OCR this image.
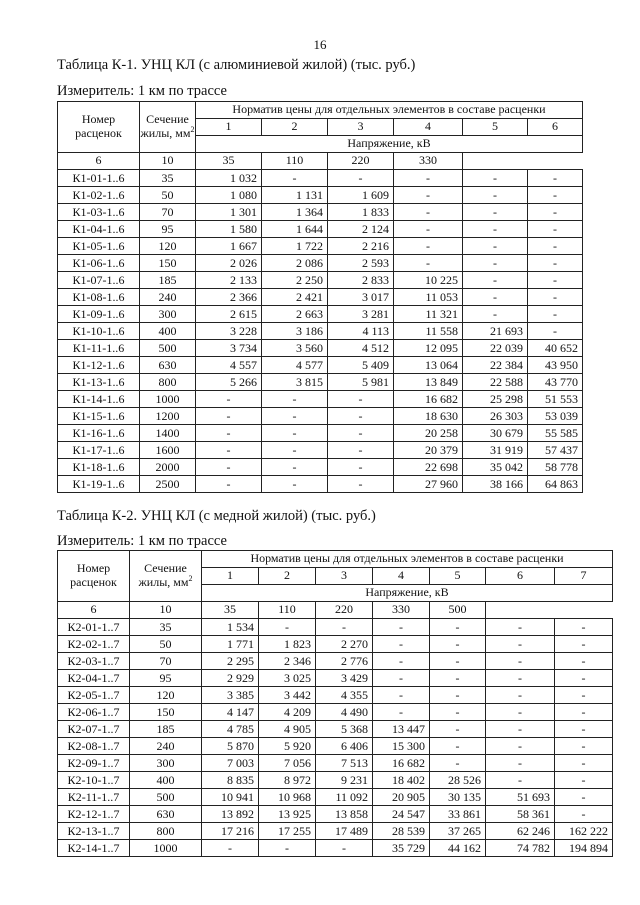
16
Таблица К-1. УНЦ КЛ (с алюминиевой жилой) (тыс. руб.)
Измеритель: 1 км по трассе
Номер расценок	Сечение жилы, $мм^2$	Норматив цены для отдельных элементов в составе расценки					
		1	2	3	4	5	6
		Напряжение, кВ					
6	10	35	110	220	330		
К1-01-1..6	35	1 032	-	-	-	-	-
К1-02-1..6	50	1 080	1 131	1 609	-	-	-
К1-03-1..6	70	1 301	1 364	1 833	-	-	-
К1-04-1..6	95	1 580	1 644	2 124	-	-	-
К1-05-1..6	120	1 667	1 722	2 216	-	-	-
К1-06-1..6	150	2 026	2 086	2 593	-	-	-
К1-07-1..6	185	2 133	2 250	2 833	10 225	-	-
К1-08-1..6	240	2 366	2 421	3 017	11 053	-	-
К1-09-1..6	300	2 615	2 663	3 281	11 321	-	-
К1-10-1..6	400	3 228	3 186	4 113	11 558	21 693	-
К1-11-1..6	500	3 734	3 560	4 512	12 095	22 039	40 652
К1-12-1..6	630	4 557	4 577	5 409	13 064	22 384	43 950
К1-13-1..6	800	5 266	3 815	5 981	13 849	22 588	43 770
К1-14-1..6	1000	-	-	-	16 682	25 298	51 553
К1-15-1..6	1200	-	-	-	18 630	26 303	53 039
К1-16-1..6	1400	-	-	-	20 258	30 679	55 585
К1-17-1..6	1600	-	-	-	20 379	31 919	57 437
К1-18-1..6	2000	-	-	-	22 698	35 042	58 778
К1-19-1..6	2500	-	-	-	27 960	38 166	64 863
Таблица К-2. УНЦ КЛ (с медной жилой) (тыс. руб.)
Измеритель: 1 км по трассе
Номер расценок	Сечение жилы, $мм^2$	Норматив цены для отдельных элементов в составе расценки						
		1	2	3	4	5	6	7
		Напряжение, кВ						
6	10	35	110	220	330	500		
К2-01-1..7	35	1 534	-	-	-	-	-	-
К2-02-1..7	50	1 771	1 823	2 270	-	-	-	-
К2-03-1..7	70	2 295	2 346	2 776	-	-	-	-
К2-04-1..7	95	2 929	3 025	3 429	-	-	-	-
К2-05-1..7	120	3 385	3 442	4 355	-	-	-	-
К2-06-1..7	150	4 147	4 209	4 490	-	-	-	-
К2-07-1..7	185	4 785	4 905	5 368	13 447	-	-	-
К2-08-1..7	240	5 870	5 920	6 406	15 300	-	-	-
К2-09-1..7	300	7 003	7 056	7 513	16 682	-	-	-
К2-10-1..7	400	8 835	8 972	9 231	18 402	28 526	-	-
К2-11-1..7	500	10 941	10 968	11 092	20 905	30 135	51 693	-
К2-12-1..7	630	13 892	13 925	13 858	24 547	33 861	58 361	-
К2-13-1..7	800	17 216	17 255	17 489	28 539	37 265	62 246	162 222
К2-14-1..7	1000	-	-	-	35 729	44 162	74 782	194 894
